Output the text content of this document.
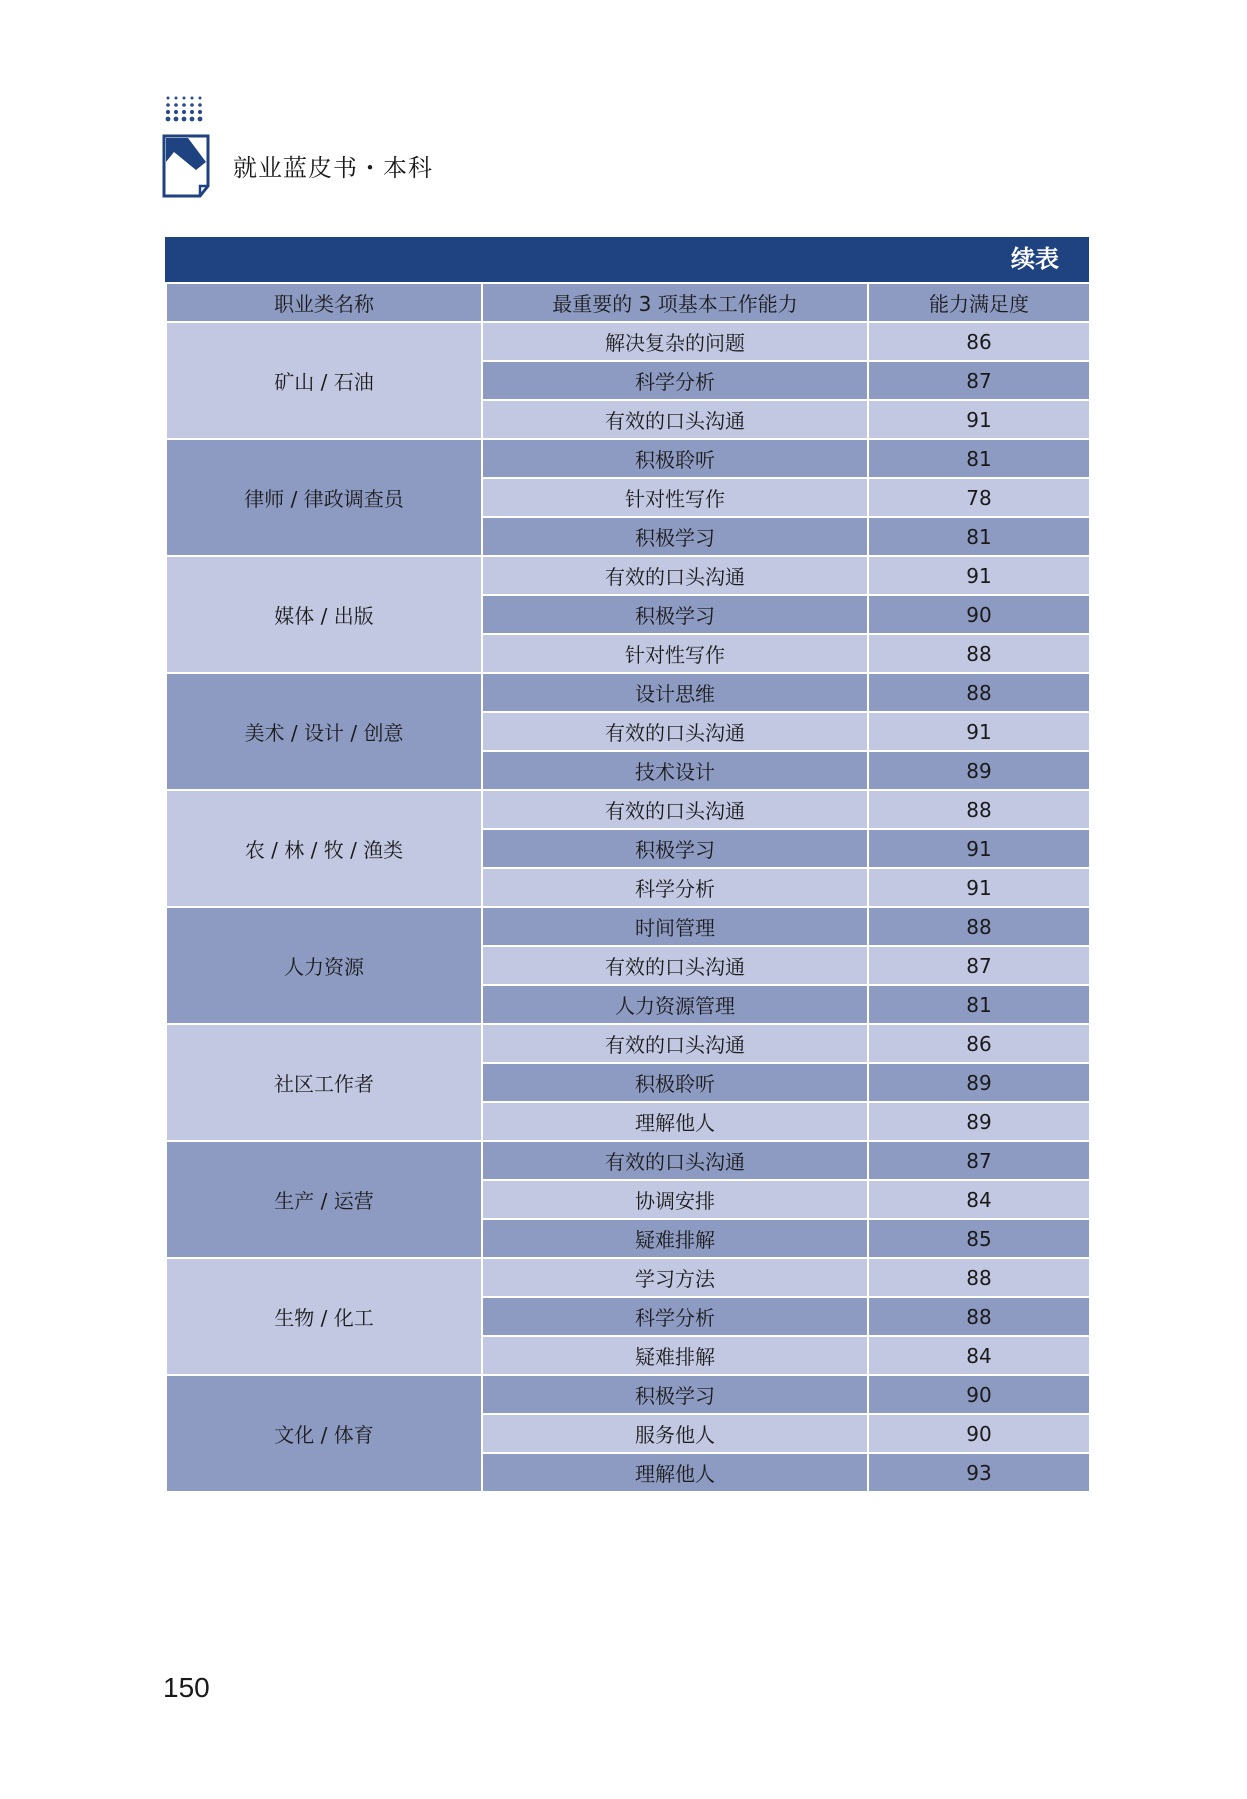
就业蓝皮书・本科
续表
职业类名称	最重要的 3 项基本工作能力	能力满足度
矿山 / 石油	解决复杂的问题	86
	科学分析	87
	有效的口头沟通	91
律师 / 律政调查员	积极聆听	81
	针对性写作	78
	积极学习	81
媒体 / 出版	有效的口头沟通	91
	积极学习	90
	针对性写作	88
美术 / 设计 / 创意	设计思维	88
	有效的口头沟通	91
	技术设计	89
农 / 林 / 牧 / 渔类	有效的口头沟通	88
	积极学习	91
	科学分析	91
人力资源	时间管理	88
	有效的口头沟通	87
	人力资源管理	81
社区工作者	有效的口头沟通	86
	积极聆听	89
	理解他人	89
生产 / 运营	有效的口头沟通	87
	协调安排	84
	疑难排解	85
生物 / 化工	学习方法	88
	科学分析	88
	疑难排解	84
文化 / 体育	积极学习	90
	服务他人	90
	理解他人	93
150
